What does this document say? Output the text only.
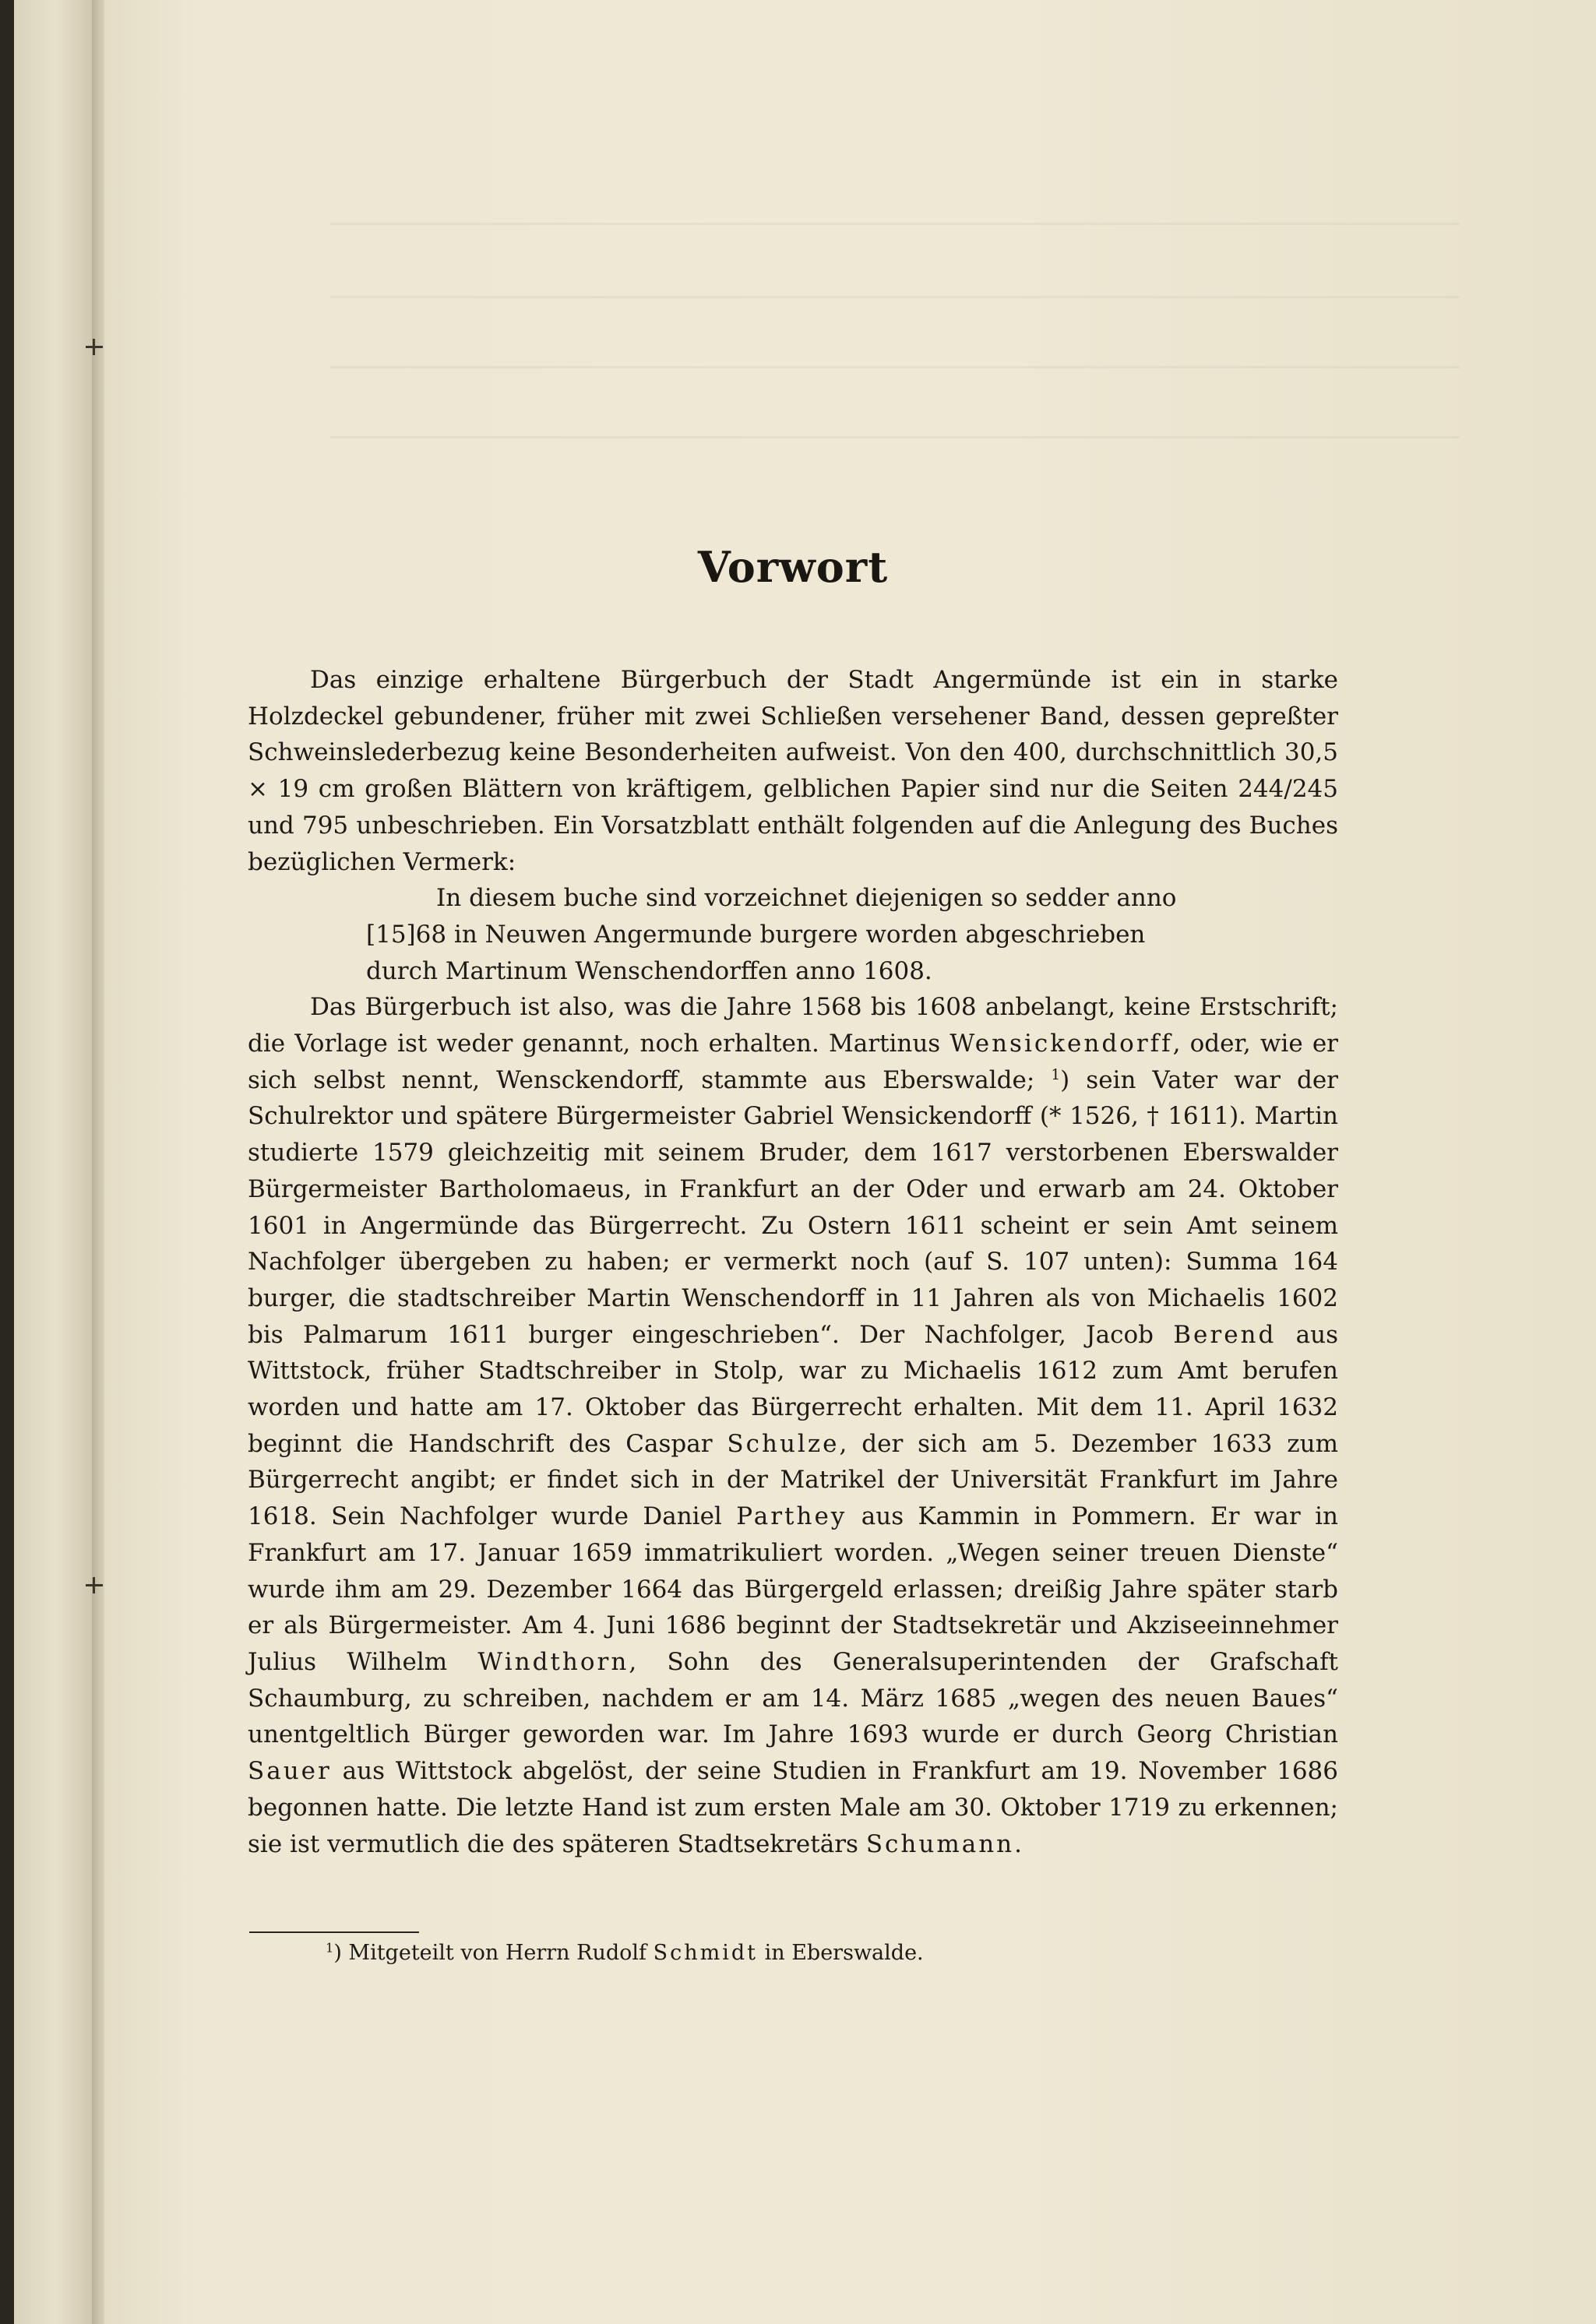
Vorwort

Das einzige erhaltene Bürgerbuch der Stadt Angermünde ist ein in starke Holzdeckel gebundener, früher mit zwei Schließen versehener Band, dessen gepreßter Schweinslederbezug keine Besonderheiten aufweist. Von den 400, durchschnittlich 30,5 × 19 cm großen Blättern von kräftigem, gelblichen Papier sind nur die Seiten 244/245 und 795 unbeschrieben. Ein Vorsatzblatt enthält folgenden auf die Anlegung des Buches bezüglichen Vermerk:

In diesem buche sind vorzeichnet diejenigen so sedder anno
[15]68 in Neuwen Angermunde burgere worden abgeschrieben
durch Martinum Wenschendorffen anno 1608.

Das Bürgerbuch ist also, was die Jahre 1568 bis 1608 anbelangt, keine Erstschrift; die Vorlage ist weder genannt, noch erhalten. Martinus Wensickendorff, oder, wie er sich selbst nennt, Wensckendorff, stammte aus Eberswalde; $^1$) sein Vater war der Schulrektor und spätere Bürgermeister Gabriel Wensickendorff (* 1526, † 1611). Martin studierte 1579 gleichzeitig mit seinem Bruder, dem 1617 verstorbenen Eberswalder Bürgermeister Bartholomaeus, in Frankfurt an der Oder und erwarb am 24. Oktober 1601 in Angermünde das Bürgerrecht. Zu Ostern 1611 scheint er sein Amt seinem Nachfolger übergeben zu haben; er vermerkt noch (auf S. 107 unten): Summa 164 burger, die stadtschreiber Martin Wenschendorff in 11 Jahren als von Michaelis 1602 bis Palmarum 1611 burger eingeschrieben“. Der Nachfolger, Jacob Berend aus Wittstock, früher Stadtschreiber in Stolp, war zu Michaelis 1612 zum Amt berufen worden und hatte am 17. Oktober das Bürgerrecht erhalten. Mit dem 11. April 1632 beginnt die Handschrift des Caspar Schulze, der sich am 5. Dezember 1633 zum Bürgerrecht angibt; er findet sich in der Matrikel der Universität Frankfurt im Jahre 1618. Sein Nachfolger wurde Daniel Parthey aus Kammin in Pommern. Er war in Frankfurt am 17. Januar 1659 immatrikuliert worden. „Wegen seiner treuen Dienste“ wurde ihm am 29. Dezember 1664 das Bürgergeld erlassen; dreißig Jahre später starb er als Bürgermeister. Am 4. Juni 1686 beginnt der Stadtsekretär und Akziseeinnehmer Julius Wilhelm Windthorn, Sohn des Generalsuperintenden der Grafschaft Schaumburg, zu schreiben, nachdem er am 14. März 1685 „wegen des neuen Baues“ unentgeltlich Bürger geworden war. Im Jahre 1693 wurde er durch Georg Christian Sauer aus Wittstock abgelöst, der seine Studien in Frankfurt am 19. November 1686 begonnen hatte. Die letzte Hand ist zum ersten Male am 30. Oktober 1719 zu erkennen; sie ist vermutlich die des späteren Stadtsekretärs Schumann.

$^1$) Mitgeteilt von Herrn Rudolf Schmidt in Eberswalde.
